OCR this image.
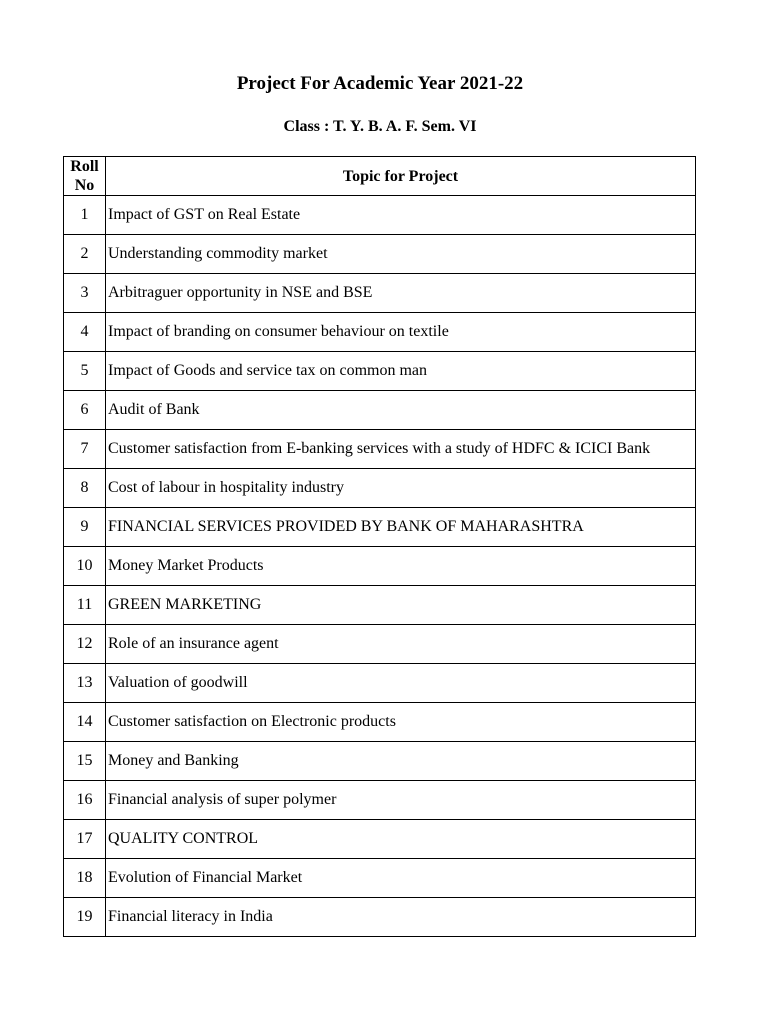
Project For Academic Year 2021-22
Class : T. Y. B. A. F. Sem. VI
Roll
No	Topic for Project
1	Impact of GST on Real Estate
2	Understanding commodity market
3	Arbitraguer opportunity in NSE and BSE
4	Impact of branding on consumer behaviour on textile
5	Impact of Goods and service tax on common man
6	Audit of Bank
7	Customer satisfaction from E-banking services with a study of HDFC & ICICI Bank
8	Cost of labour in hospitality industry
9	FINANCIAL SERVICES PROVIDED BY BANK OF MAHARASHTRA
10	Money Market Products
11	GREEN MARKETING
12	Role of an insurance agent
13	Valuation of goodwill
14	Customer satisfaction on Electronic products
15	Money and Banking
16	Financial analysis of super polymer
17	QUALITY CONTROL
18	Evolution of Financial Market
19	Financial literacy in India
